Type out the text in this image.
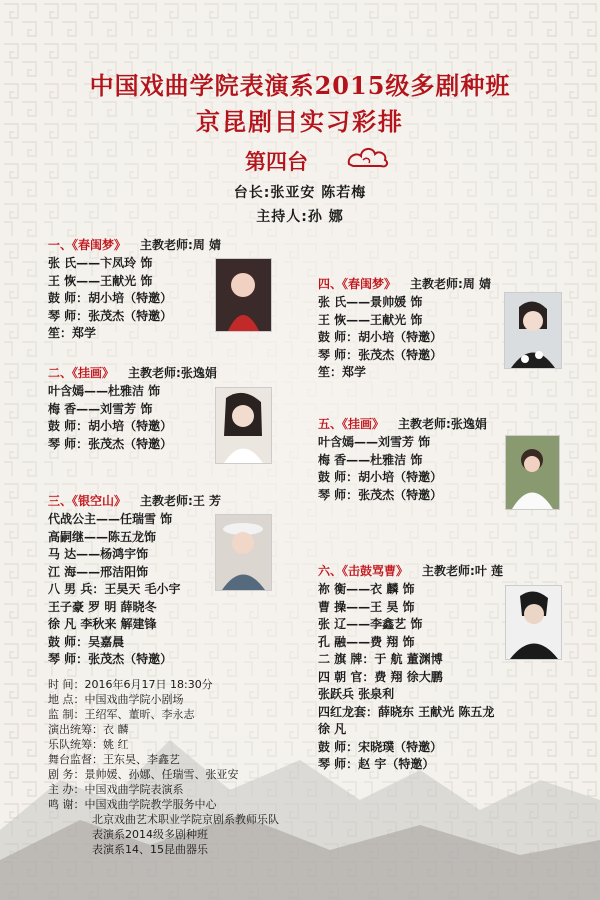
中国戏曲学院表演系2015级多剧种班
京昆剧目实习彩排
第四台
台长:张亚安 陈若梅
主持人:孙 娜
一、《春闺梦》 主教老师:周 婧
张 氏——卞凤玲 饰
王 恢——王献光 饰
鼓 师：胡小培（特邀）
琴 师：张茂杰（特邀）
笙：郑学
二、《挂画》 主教老师:张逸娟
叶含嫣——杜雅洁 饰
梅 香——刘雪芳 饰
鼓 师：胡小培（特邀）
琴 师：张茂杰（特邀）
三、《银空山》 主教老师:王 芳
代战公主——任瑞雪 饰
高嗣继——陈五龙饰
马 达——杨鸿宇饰
江 海——邢洁阳饰
八 男 兵：王昊天 毛小宇
王子豪 罗 明 薛晓冬
徐 凡 李秋来 解建锋
鼓 师：吴嘉晨
琴 师：张茂杰（特邀）
四、《春闺梦》 主教老师:周 婧
张 氏——景帅媛 饰
王 恢——王献光 饰
鼓 师：胡小培（特邀）
琴 师：张茂杰（特邀）
笙：郑学
五、《挂画》 主教老师:张逸娟
叶含嫣——刘雪芳 饰
梅 香——杜雅洁 饰
鼓 师：胡小培（特邀）
琴 师：张茂杰（特邀）
六、《击鼓骂曹》 主教老师:叶 莲
祢 衡——衣 麟 饰
曹 操——王 昊 饰
张 辽——李鑫艺 饰
孔 融——费 翔 饰
二 旗 牌：于 航 董渊博
四 朝 官：费 翔 徐大鹏
张跃兵 张泉利
四红龙套：薛晓东 王献光 陈五龙
徐 凡
鼓 师：宋晓璞（特邀）
琴 师：赵 宇（特邀）
时 间：2016年6月17日 18:30分
地 点：中国戏曲学院小剧场
监 制：王绍军、董昕、李永志
演出统筹：衣 麟
乐队统筹：姚 红
舞台监督：王东昊、李鑫艺
剧 务：景帅媛、孙娜、任瑞雪、张亚安
主 办：中国戏曲学院表演系
鸣 谢：中国戏曲学院教学服务中心
北京戏曲艺术职业学院京剧系教师乐队
表演系2014级多剧种班
表演系14、15昆曲器乐
